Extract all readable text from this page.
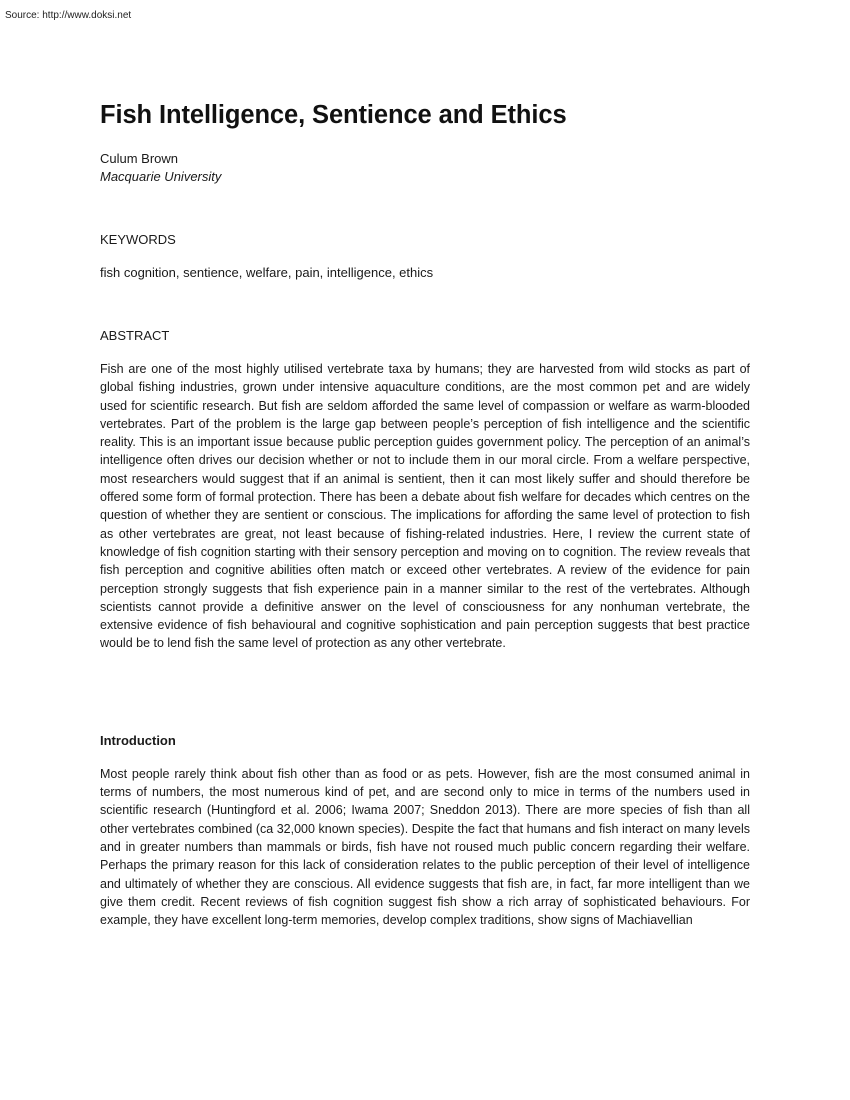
Source: http://www.doksi.net
Fish Intelligence, Sentience and Ethics
Culum Brown
Macquarie University
KEYWORDS
fish cognition, sentience, welfare, pain, intelligence, ethics
ABSTRACT
Fish are one of the most highly utilised vertebrate taxa by humans; they are harvested from wild stocks as part of global fishing industries, grown under intensive aquaculture conditions, are the most common pet and are widely used for scientific research. But fish are seldom afforded the same level of compassion or welfare as warm-blooded vertebrates. Part of the problem is the large gap between people’s perception of fish intelligence and the scientific reality. This is an important issue because public perception guides government policy. The perception of an animal’s intelligence often drives our decision whether or not to include them in our moral circle. From a welfare perspective, most researchers would suggest that if an animal is sentient, then it can most likely suffer and should therefore be offered some form of formal protection. There has been a debate about fish welfare for decades which centres on the question of whether they are sentient or conscious. The implications for affording the same level of protection to fish as other vertebrates are great, not least because of fishing-related industries. Here, I review the current state of knowledge of fish cognition starting with their sensory perception and moving on to cognition. The review reveals that fish perception and cognitive abilities often match or exceed other vertebrates. A review of the evidence for pain perception strongly suggests that fish experience pain in a manner similar to the rest of the vertebrates. Although scientists cannot provide a definitive answer on the level of consciousness for any nonhuman vertebrate, the extensive evidence of fish behavioural and cognitive sophistication and pain perception suggests that best practice would be to lend fish the same level of protection as any other vertebrate.
Introduction
Most people rarely think about fish other than as food or as pets. However, fish are the most consumed animal in terms of numbers, the most numerous kind of pet, and are second only to mice in terms of the numbers used in scientific research (Huntingford et al. 2006; Iwama 2007; Sneddon 2013). There are more species of fish than all other vertebrates combined (ca 32,000 known species). Despite the fact that humans and fish interact on many levels and in greater numbers than mammals or birds, fish have not roused much public concern regarding their welfare. Perhaps the primary reason for this lack of consideration relates to the public perception of their level of intelligence and ultimately of whether they are conscious. All evidence suggests that fish are, in fact, far more intelligent than we give them credit. Recent reviews of fish cognition suggest fish show a rich array of sophisticated behaviours. For example, they have excellent long-term memories, develop complex traditions, show signs of Machiavellian
